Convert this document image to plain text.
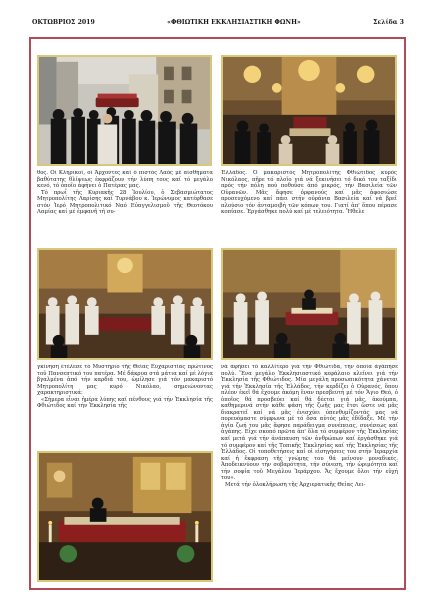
ΟΚΤΩΒΡΙΟΣ 2019	«ΦΘΙΩΤΙΚΗ ΕΚΚΛΗΣΙΑΣΤΙΚΗ ΦΩΝΗ»	Σελίδα 3

θος. Οἱ Κληρικοί, οἱ Ἄρχοντες καί ὁ πιστός Λαός μέ αἰσθήματα βαθύτατης θλίψεως ἐκφράζουν τήν λύπη τους καί τό μεγάλο κενό, τό ὁποῖο ἀφήνει ὁ Πατέρας μας.

Τό πρωΐ τῆς Κυριακῆς 28 Ἰουλίου, ὁ Σεβασμιώτατος Μητροπολίτης Λαρίσης καί Τυρνάβου κ. Ἱερώνυμος κατέφθασε στόν Ἱερό Μητροπολιτικό Ναό Εὐαγγελισμοῦ τῆς Θεοτόκου Λαμίας καί μέ ἐμφανῆ τή συ-

Ἑλλάδος. Ὁ μακαριστός Μητροπολίτης Φθιώτιδος κυρός Νικόλαος, πῆρε τό πλοῖο γιά νά ξεκινήσει τό δικό του ταξίδι πρός τήν πόλη πού ποθοῦσε ἀπό μικρός, τήν Βασιλεία τῶν Οὐρανῶν. Μᾶς ἄφησε ὀρφανούς καί μᾶς ἀφοσιώσε προσευχόμενο καί πάει στήν οὐράνια Βασιλεία καί νά βρεῖ πλούσιο τόν ἀνταμοιβή τῶν κόπων του. Γιατί ἀπ' ὅπου πέρασε κοπίασε. Ἐργάσθηκε πολύ καί μέ τελειότητα. Ἤθελε

γκίνηση ἐτέλεσε τό Μυστήριο τῆς Θείας Εὐχαριστίας πρώτινος τοῦ Πανσεπτικό του πατέρα. Μέ δάκρυα στά μάτια καί μέ λόγια βγαλμένα ἀπό τήν καρδιά του, ὡμίλησε γιά τόν μακαριστό Μητροπολίτη μας κυρό Νικόλαο, σημειώνοντας χαρακτηριστικά:

«Σήμερα εἶναι ἡμέρα λύπης καί πένθους γιά τήν Ἐκκλησία τῆς Φθιώτιδος καί τήν Ἐκκλησία τῆς

νά ἀφήσει τό καλλίτερο γιά τήν Φθιώτιδα, τήν ὁποία ἀγάπησε πολύ. Ἕνα μεγάλο Ἐκκλησιαστικό κεφάλαιο κλείνει γιά τήν Ἐκκλησία τῆς Φθιώτιδος. Μία μεγάλη προσωπικότητα χάνεται γιά τήν Ἐκκλησία τῆς Ἑλλάδος, τήν κερδίζει ὁ Οὐρανός, ὅπου πλέον ἐκεῖ θά ἔχουμε ἀκόμη ἕναν πρεσβευτή μέ τόν Ἅγιο Θεό, ὁ ὁποῖος θά προσβεύει καί θά δέεται γιά μᾶς, ἀκούμπα, καθημερινά στήν κάθε φάση τῆς ζωῆς μας ἔτσι ὥστε νά μᾶς διακρατεῖ καί νά μᾶς ἐνισχύει ὑπενθυμίζοντάς μας νά πορευόμαστε σύμφωνα μέ τό ὅσα αὐτός μᾶς ἐδίδαξε. Μέ τήν ἁγία ζωή του μᾶς ἄφησε παράδειγμα συνέπειας, συνέσεως καί ἀγάπης. Εἶχε σκοπό πρῶτα ἀπ' ὅλα τό συμφέρον τῆς Ἐκκλησίας καί μετά γιά τήν ἀνάπαυση τῶν ἀνθρώπων καί ἐργάσθηκε γιά τό συμφέρον καί τῆς Τοπικῆς Ἐκκλησίας καί τῆς Ἐκκλησίας τῆς Ἑλλάδος. Οἱ τοποθετήσεις καί οἱ εἰσηγήσεις του στήν Ἱεραρχία καί ἡ ἔκφραση τῆς γνώμης του θά μείνουν μοναδικές. Ἀποδεικνύουν τήν σοβαρότητα, τήν σύνεση, τήν ὡριμότητα καί τήν σοφία τοῦ Μεγάλου Ἱεράρχου. Ἄς ἔχουμε ὅλοι τήν εὐχή του».

Μετά τήν ὁλοκλήρωση τῆς Ἀρχιερατικῆς Θείας Λει-
